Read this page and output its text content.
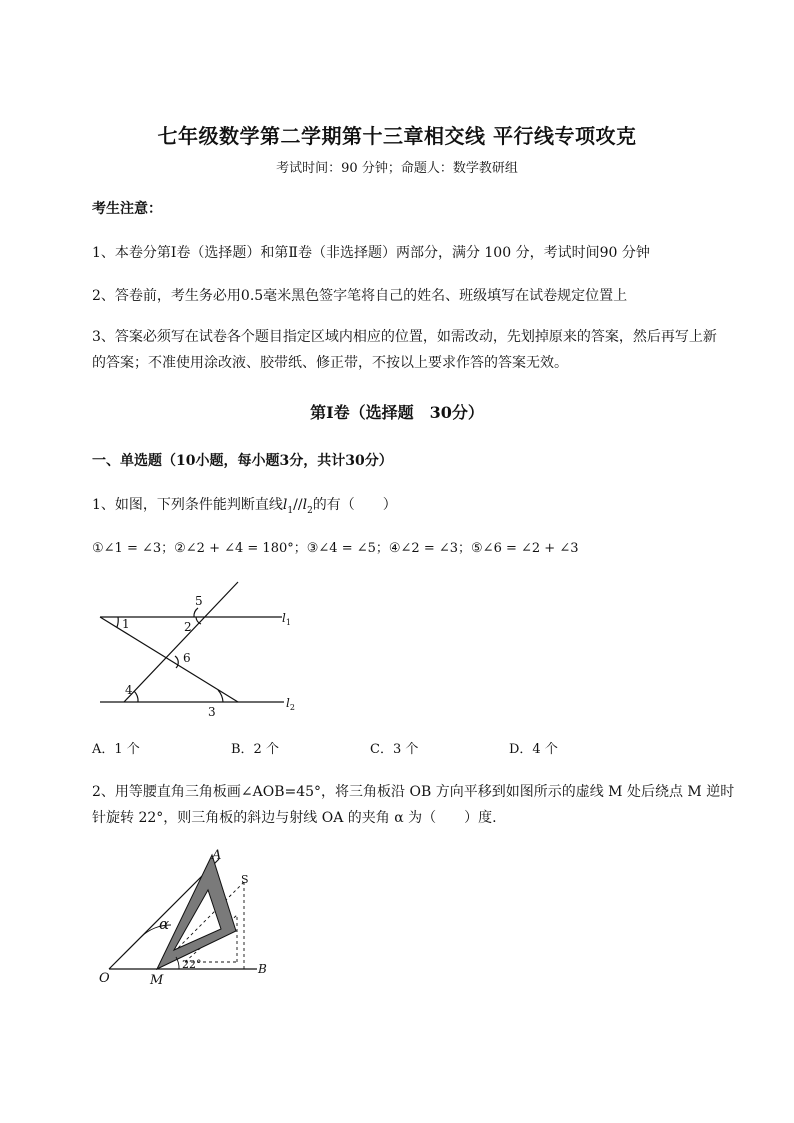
七年级数学第二学期第十三章相交线 平行线专项攻克
考试时间：90 分钟；命题人：数学教研组
考生注意：
1、本卷分第Ⅰ卷（选择题）和第Ⅱ卷（非选择题）两部分，满分 100 分，考试时间90 分钟
2、答卷前，考生务必用0.5毫米黑色签字笔将自己的姓名、班级填写在试卷规定位置上
3、答案必须写在试卷各个题目指定区域内相应的位置，如需改动，先划掉原来的答案，然后再写上新
的答案；不准使用涂改液、胶带纸、修正带，不按以上要求作答的答案无效。
第Ⅰ卷（选择题　30分）
一、单选题（10小题，每小题3分，共计30分）
1、如图，下列条件能判断直线$l_1//l_2$的有（　　）
①∠1 = ∠3；②∠2 + ∠4 = 180°；③∠4 = ∠5；④∠2 = ∠3；⑤∠6 = ∠2 + ∠3
1	2
3
4
5
6
$l_1$
$l_2$
A．1 个	B．2 个	C．3 个	D．4 个
2、用等腰直角三角板画∠AOB=45°，将三角板沿 OB 方向平移到如图所示的虚线 M 处后绕点 M 逆时
针旋转 22°，则三角板的斜边与射线 OA 的夹角 α 为（　　）度.
A
S
O	M
B
α
22°
